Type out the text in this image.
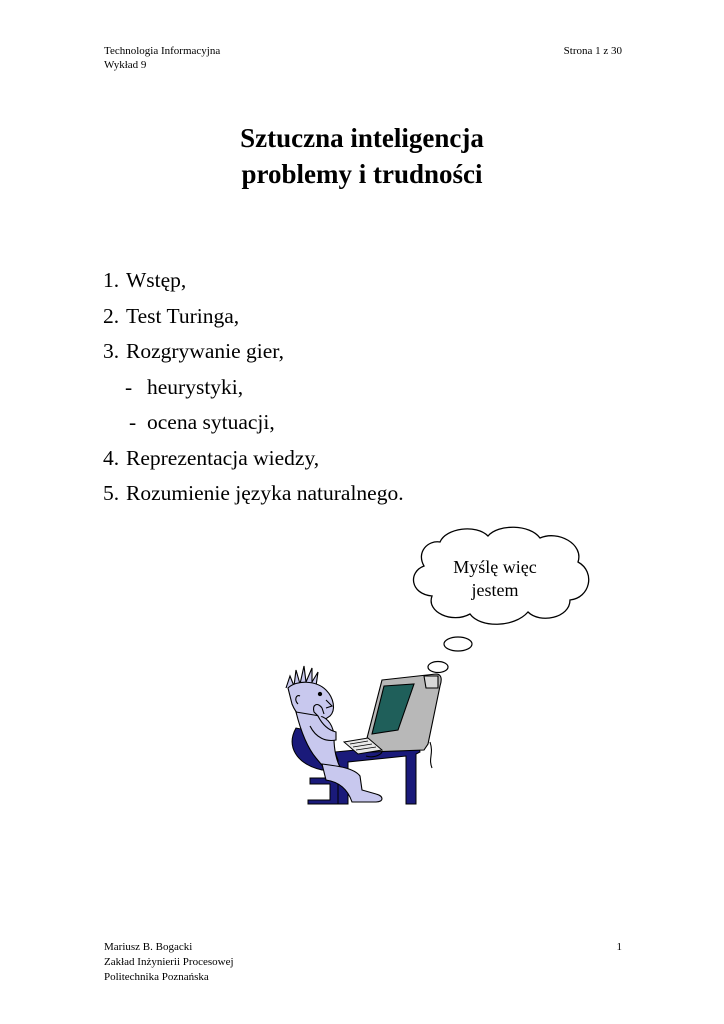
Technologia Informacyjna
Wykład 9
Strona 1 z 30
Sztuczna inteligencja
problemy i trudności
1. Wstęp,
2. Test Turinga,
3. Rozgrywanie gier,
- heurystyki,
- ocena sytuacji,
4. Reprezentacja wiedzy,
5. Rozumienie języka naturalnego.
Myślę więc
jestem
Mariusz B. Bogacki
Zakład Inżynierii Procesowej
Politechnika Poznańska
1
